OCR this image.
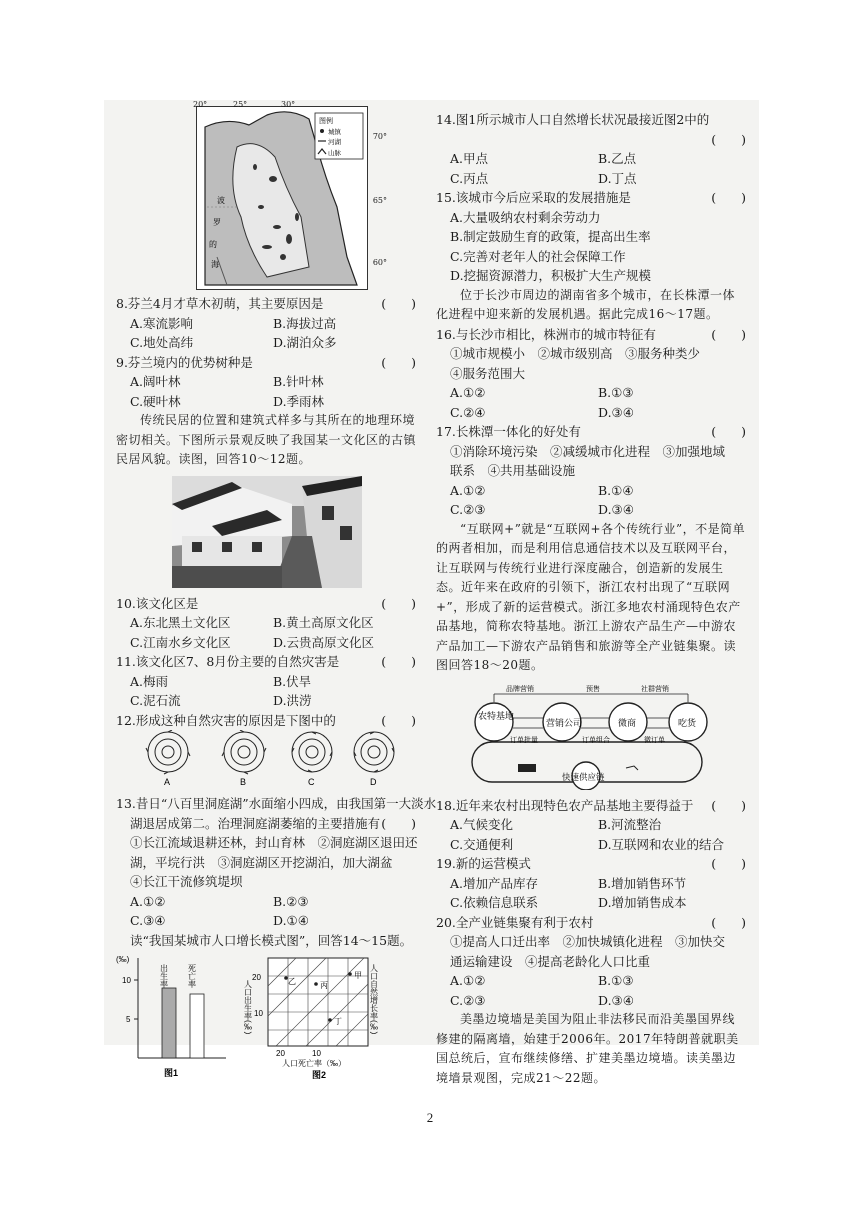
图例
城镇
河湖
山脉
波
罗
的
海
20°	25°	30°
70°
65°
60°
8.芬兰4月才草木初萌，其主要原因是	(　　)
A.寒流影响	B.海拔过高
C.地处高纬	D.湖泊众多
9.芬兰境内的优势树种是	(　　)
A.阔叶林	B.针叶林
C.硬叶林	D.季雨林
传统民居的位置和建筑式样多与其所在的地理环境密切相关。下图所示景观反映了我国某一文化区的古镇民居风貌。读图，回答10～12题。
10.该文化区是	(　　)
A.东北黑土文化区	B.黄土高原文化区
C.江南水乡文化区	D.云贵高原文化区
11.该文化区7、8月份主要的自然灾害是	(　　)
A.梅雨	B.伏旱
C.泥石流	D.洪涝
12.形成这种自然灾害的原因是下图中的	(　　)
A	B	C	D
13.昔日“八百里洞庭湖”水面缩小四成，由我国第一大淡水
湖退居成第二。治理洞庭湖萎缩的主要措施有 (　　)
①长江流域退耕还林，封山育林　②洞庭湖区退田还
湖，平垸行洪　③洞庭湖区开挖湖泊，加大湖盆
④长江干流修筑堤坝
A.①②	B.②③
C.③④	D.①④
读“我国某城市人口增长模式图”，回答14～15题。
(‰)
10
5
出生率 死亡率
图1
人口出生率(‰)
甲
乙	丙
丁
20
10
20	10
人口自然增长率(‰)
人口死亡率（‰）
图2
14.图1所示城市人口自然增长状况最接近图2中的
(　　)
A.甲点	B.乙点
C.丙点	D.丁点
15.该城市今后应采取的发展措施是	(　　)
A.大量吸纳农村剩余劳动力
B.制定鼓励生育的政策，提高出生率
C.完善对老年人的社会保障工作
D.挖掘资源潜力，积极扩大生产规模
位于长沙市周边的湖南省多个城市，在长株潭一体化进程中迎来新的发展机遇。据此完成16～17题。
16.与长沙市相比，株洲市的城市特征有	(　　)
①城市规模小　②城市级别高　③服务种类少
④服务范围大
A.①②	B.①③
C.②④	D.③④
17.长株潭一体化的好处有	(　　)
①消除环境污染　②减缓城市化进程　③加强地域
联系　④共用基础设施
A.①②	B.①④
C.②③	D.③④
“互联网+”就是“互联网+各个传统行业”，不是简单的两者相加，而是利用信息通信技术以及互联网平台，让互联网与传统行业进行深度融合，创造新的发展生态。近年来在政府的引领下，浙江农村出现了“互联网+”，形成了新的运营模式。浙江多地农村涌现特色农产品基地，简称农特基地。浙江上游农产品生产—中游农产品加工—下游农产品销售和旅游等全产业链集聚。读图回答18～20题。
农特基地
营销公司	微商	吃货
快速供应链
品牌营销	预售	社群营销
订单批量	订单组合	微订单
18.近年来农村出现特色农产品基地主要得益于 (　　)
A.气候变化	B.河流整治
C.交通便利	D.互联网和农业的结合
19.新的运营模式	(　　)
A.增加产品库存	B.增加销售环节
C.依赖信息联系	D.增加销售成本
20.全产业链集聚有利于农村	(　　)
①提高人口迁出率　②加快城镇化进程　③加快交
通运输建设　④提高老龄化人口比重
A.①②	B.①③
C.②③	D.③④
美墨边境墙是美国为阻止非法移民而沿美墨国界线修建的隔离墙，始建于2006年。2017年特朗普就职美国总统后，宣布继续修缮、扩建美墨边境墙。读美墨边境墙景观图，完成21～22题。
2
